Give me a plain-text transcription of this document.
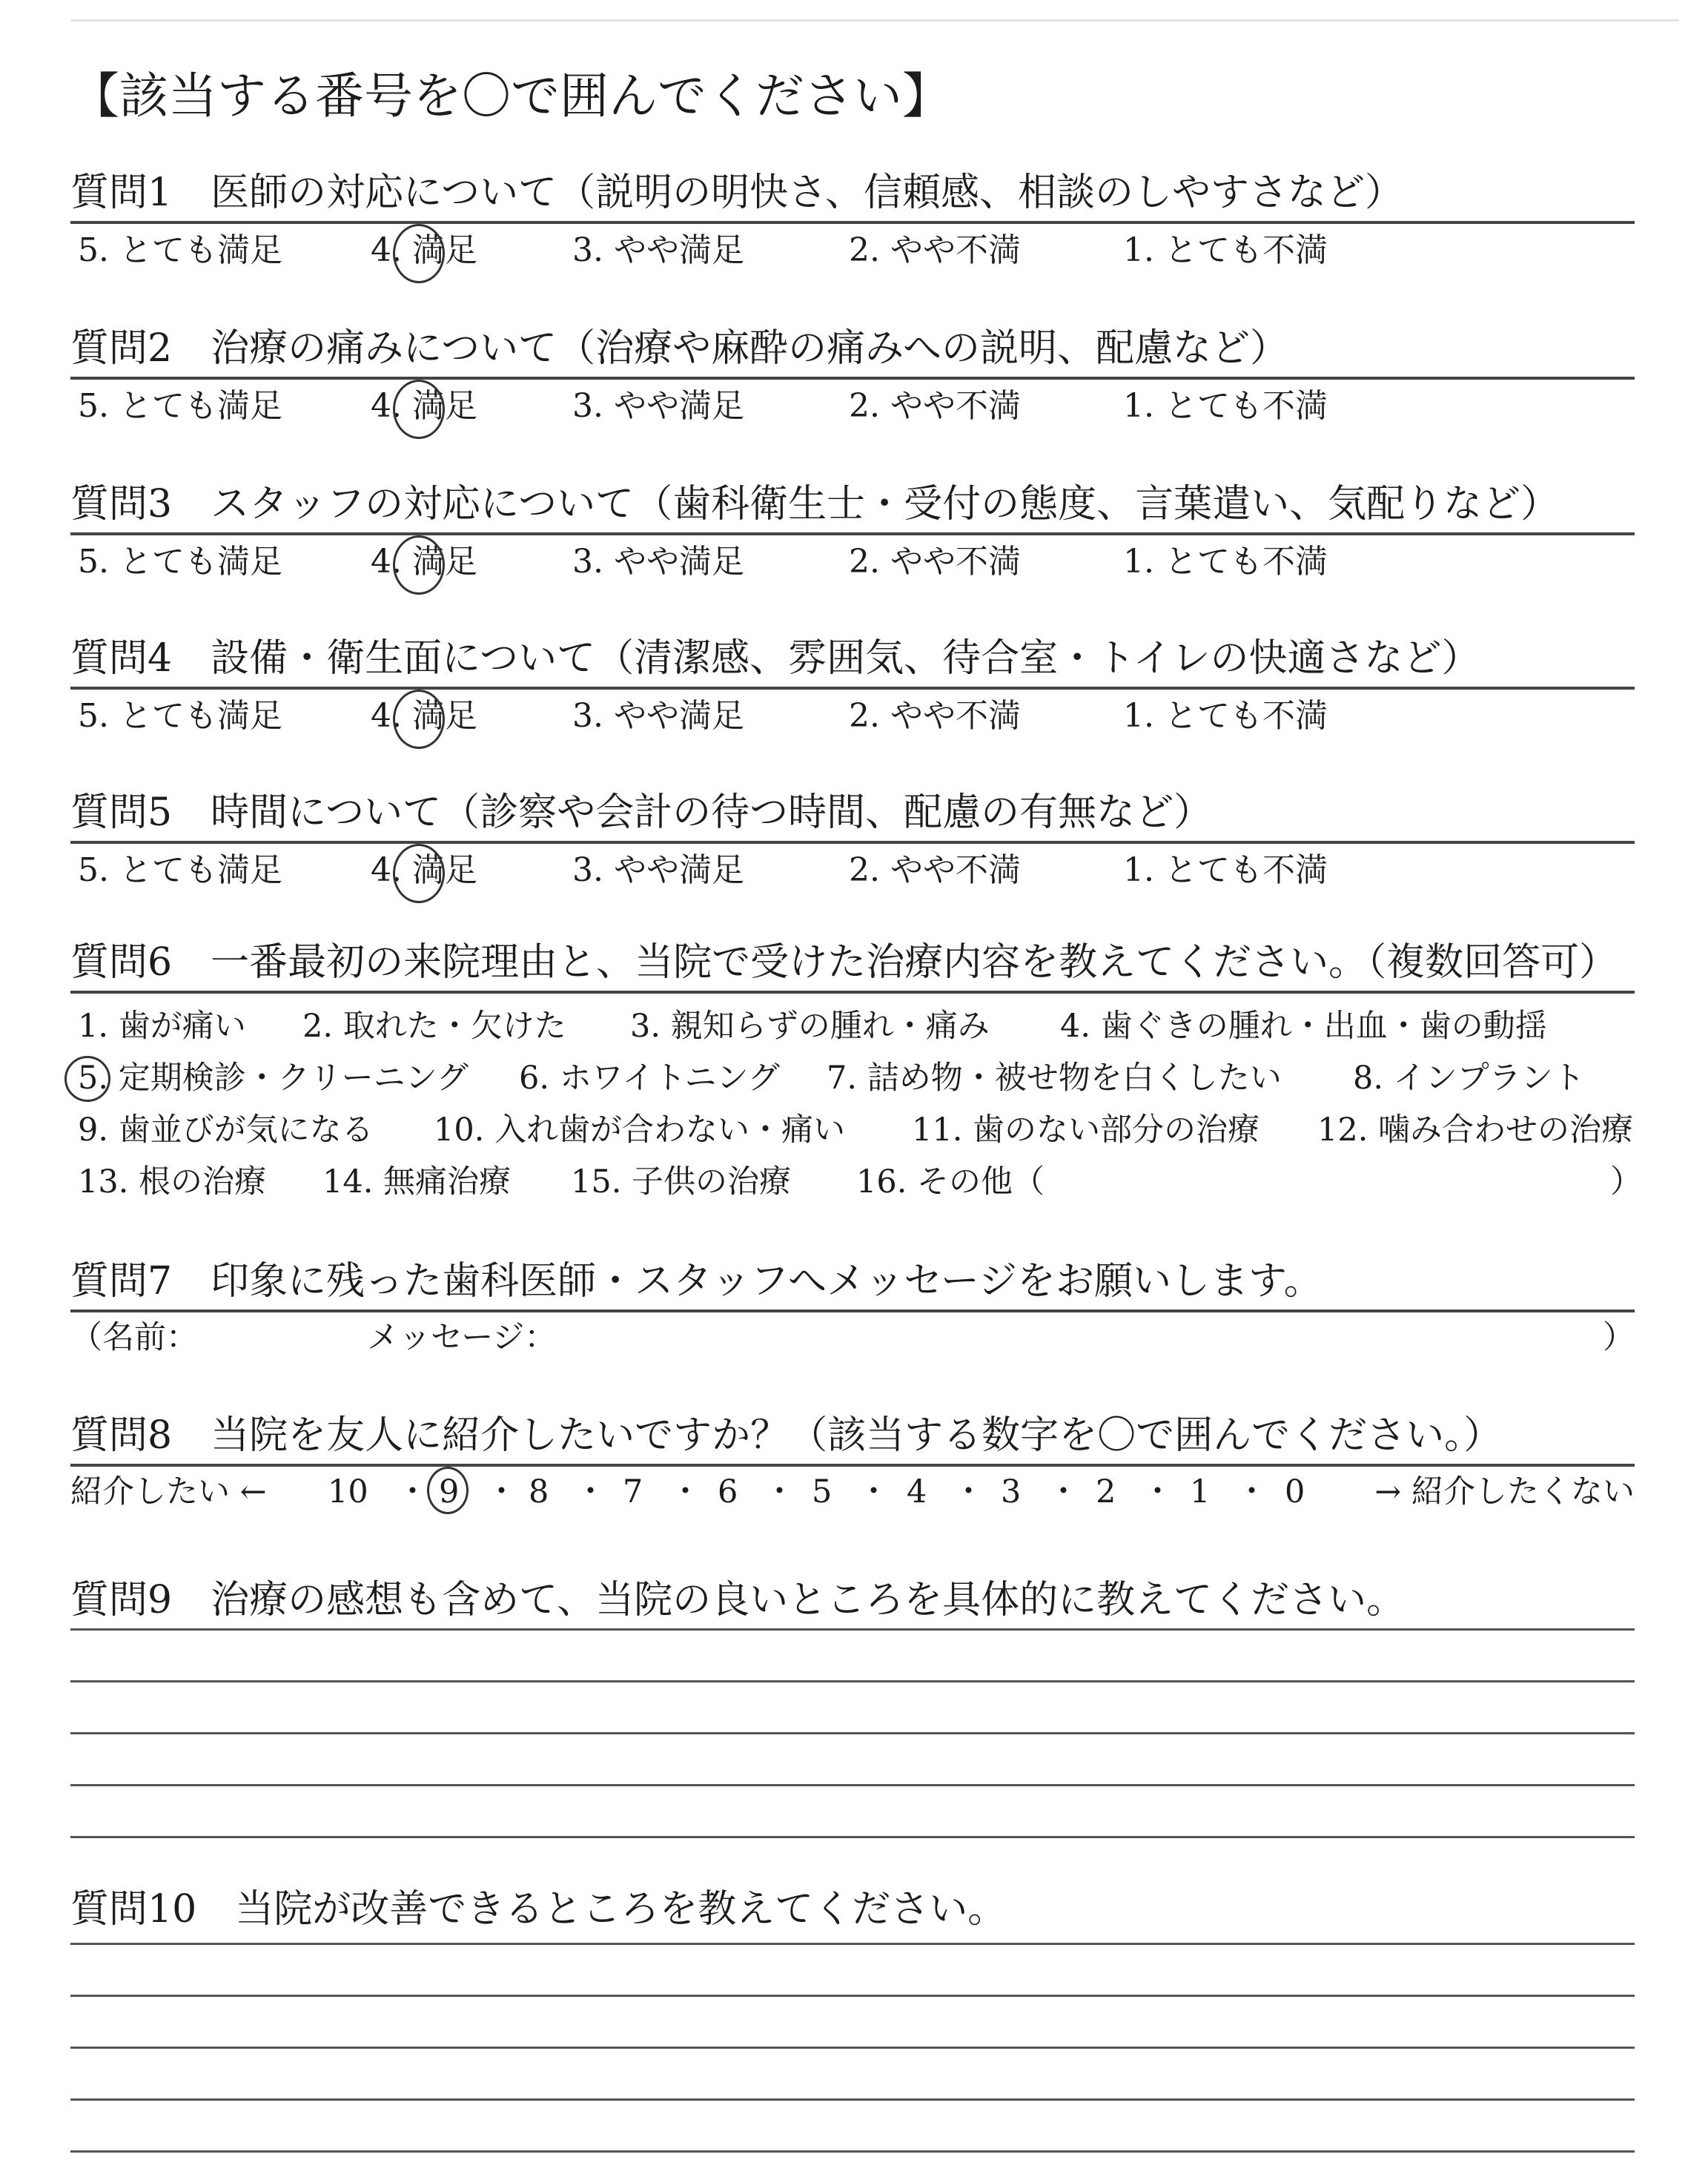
【該当する番号を〇で囲んでください】
質問1　 医師の対応について（説明の明快さ、信頼感、相談のしやすさなど）
5. とても満足	4. 満足	3. やや満足	2. やや不満	1. とても不満
質問2　 治療の痛みについて（治療や麻酔の痛みへの説明、配慮など）
5. とても満足	4. 満足	3. やや満足	2. やや不満	1. とても不満
質問3　 スタッフの対応について（歯科衛生士・受付の態度、言葉遣い、気配りなど）
5. とても満足	4. 満足	3. やや満足	2. やや不満	1. とても不満
質問4　 設備・衛生面について（清潔感、雰囲気、待合室・トイレの快適さなど）
5. とても満足	4. 満足	3. やや満足	2. やや不満	1. とても不満
質問5　 時間について（診察や会計の待つ時間、配慮の有無など）
5. とても満足	4. 満足	3. やや満足	2. やや不満	1. とても不満
質問6　 一番最初の来院理由と、当院で受けた治療内容を教えてください。（複数回答可）
1. 歯が痛い 2. 取れた・欠けた 3. 親知らずの腫れ・痛み 4. 歯ぐきの腫れ・出血・歯の動揺
5. 定期検診・クリーニング 6. ホワイトニング 7. 詰め物・被せ物を白くしたい 8. インプラント
9. 歯並びが気になる 10. 入れ歯が合わない・痛い 11. 歯のない部分の治療 12. 噛み合わせの治療
13. 根の治療 14. 無痛治療 15. 子供の治療 16. その他（	）
質問7　 印象に残った歯科医師・スタッフへメッセージをお願いします。
（名前：	メッセージ：	）
質問8　 当院を友人に紹介したいですか？（該当する数字を〇で囲んでください。）
紹介したい ←	→ 紹介したくない
10 ・ 9 ・ 8 ・ 7 ・ 6 ・ 5 ・ 4 ・ 3 ・ 2 ・ 1 ・ 0
質問9　 治療の感想も含めて、当院の良いところを具体的に教えてください。
質問10　 当院が改善できるところを教えてください。
